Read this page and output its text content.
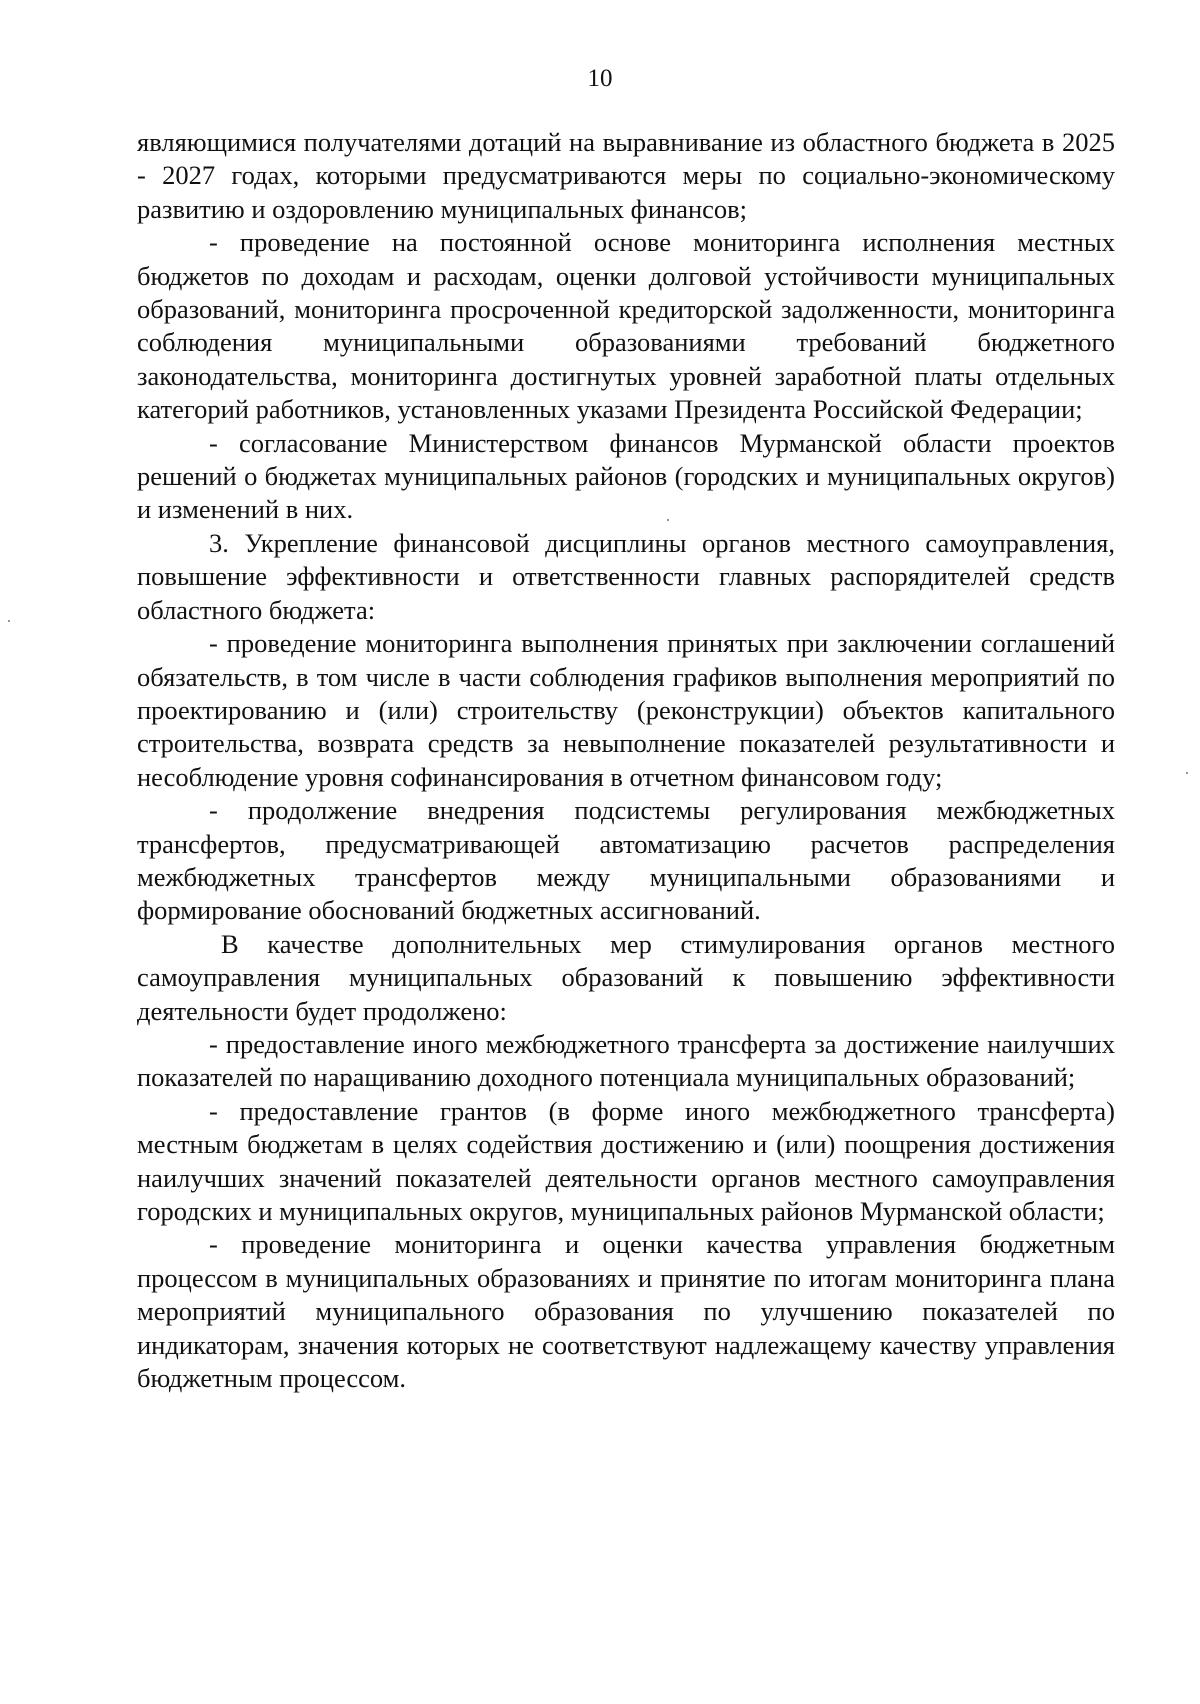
10

являющимися получателями дотаций на выравнивание из областного бюджета в 2025 - 2027 годах, которыми предусматриваются меры по социально-экономическому развитию и оздоровлению муниципальных финансов;

- проведение на постоянной основе мониторинга исполнения местных бюджетов по доходам и расходам, оценки долговой устойчивости муниципальных образований, мониторинга просроченной кредиторской задолженности, мониторинга соблюдения муниципальными образованиями требований бюджетного законодательства, мониторинга достигнутых уровней заработной платы отдельных категорий работников, установленных указами Президента Российской Федерации;

- согласование Министерством финансов Мурманской области проектов решений о бюджетах муниципальных районов (городских и муниципальных округов) и изменений в них.

3. Укрепление финансовой дисциплины органов местного самоуправления, повышение эффективности и ответственности главных распорядителей средств областного бюджета:

- проведение мониторинга выполнения принятых при заключении соглашений обязательств, в том числе в части соблюдения графиков выполнения мероприятий по проектированию и (или) строительству (реконструкции) объектов капитального строительства, возврата средств за невыполнение показателей результативности и несоблюдение уровня софинансирования в отчетном финансовом году;

- продолжение внедрения подсистемы регулирования межбюджетных трансфертов, предусматривающей автоматизацию расчетов распределения межбюджетных трансфертов между муниципальными образованиями и формирование обоснований бюджетных ассигнований.

В качестве дополнительных мер стимулирования органов местного самоуправления муниципальных образований к повышению эффективности деятельности будет продолжено:

- предоставление иного межбюджетного трансферта за достижение наилучших показателей по наращиванию доходного потенциала муниципальных образований;

- предоставление грантов (в форме иного межбюджетного трансферта) местным бюджетам в целях содействия достижению и (или) поощрения достижения наилучших значений показателей деятельности органов местного самоуправления городских и муниципальных округов, муниципальных районов Мурманской области;

- проведение мониторинга и оценки качества управления бюджетным процессом в муниципальных образованиях и принятие по итогам мониторинга плана мероприятий муниципального образования по улучшению показателей по индикаторам, значения которых не соответствуют надлежащему качеству управления бюджетным процессом.
